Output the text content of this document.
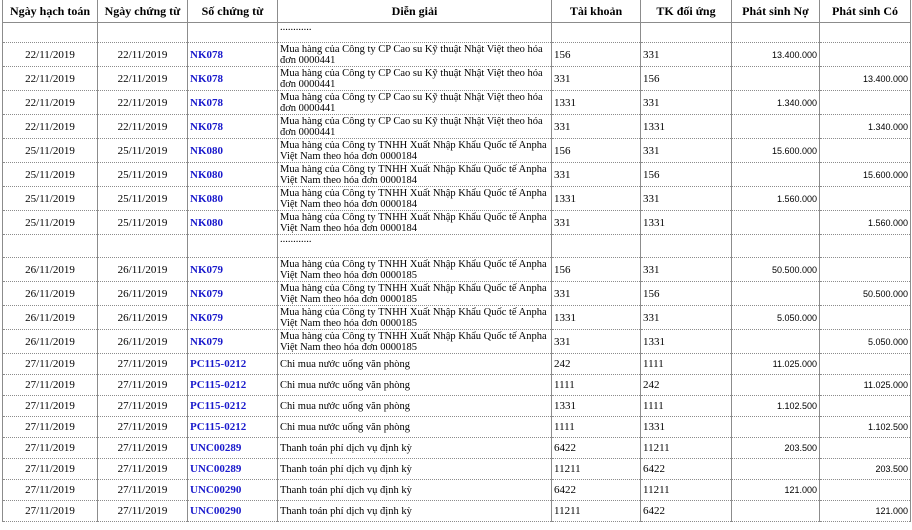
Ngày hạch toán	Ngày chứng từ	Số chứng từ	Diễn giải	Tài khoản	TK đối ứng	Phát sinh Nợ	Phát sinh Có
			............				
22/11/2019	22/11/2019	NK078	Mua hàng của Công ty CP Cao su Kỹ thuật Nhật Việt theo hóa đơn 0000441	156	331	13.400.000	
22/11/2019	22/11/2019	NK078	Mua hàng của Công ty CP Cao su Kỹ thuật Nhật Việt theo hóa đơn 0000441	331	156		13.400.000
22/11/2019	22/11/2019	NK078	Mua hàng của Công ty CP Cao su Kỹ thuật Nhật Việt theo hóa đơn 0000441	1331	331	1.340.000	
22/11/2019	22/11/2019	NK078	Mua hàng của Công ty CP Cao su Kỹ thuật Nhật Việt theo hóa đơn 0000441	331	1331		1.340.000
25/11/2019	25/11/2019	NK080	Mua hàng của Công ty TNHH Xuất Nhập Khẩu Quốc tế Anpha Việt Nam theo hóa đơn 0000184	156	331	15.600.000	
25/11/2019	25/11/2019	NK080	Mua hàng của Công ty TNHH Xuất Nhập Khẩu Quốc tế Anpha Việt Nam theo hóa đơn 0000184	331	156		15.600.000
25/11/2019	25/11/2019	NK080	Mua hàng của Công ty TNHH Xuất Nhập Khẩu Quốc tế Anpha Việt Nam theo hóa đơn 0000184	1331	331	1.560.000	
25/11/2019	25/11/2019	NK080	Mua hàng của Công ty TNHH Xuất Nhập Khẩu Quốc tế Anpha Việt Nam theo hóa đơn 0000184	331	1331		1.560.000
			............				
26/11/2019	26/11/2019	NK079	Mua hàng của Công ty TNHH Xuất Nhập Khẩu Quốc tế Anpha Việt Nam theo hóa đơn 0000185	156	331	50.500.000	
26/11/2019	26/11/2019	NK079	Mua hàng của Công ty TNHH Xuất Nhập Khẩu Quốc tế Anpha Việt Nam theo hóa đơn 0000185	331	156		50.500.000
26/11/2019	26/11/2019	NK079	Mua hàng của Công ty TNHH Xuất Nhập Khẩu Quốc tế Anpha Việt Nam theo hóa đơn 0000185	1331	331	5.050.000	
26/11/2019	26/11/2019	NK079	Mua hàng của Công ty TNHH Xuất Nhập Khẩu Quốc tế Anpha Việt Nam theo hóa đơn 0000185	331	1331		5.050.000
27/11/2019	27/11/2019	PC115-0212	Chi mua nước uống văn phòng	242	1111	11.025.000	
27/11/2019	27/11/2019	PC115-0212	Chi mua nước uống văn phòng	1111	242		11.025.000
27/11/2019	27/11/2019	PC115-0212	Chi mua nước uống văn phòng	1331	1111	1.102.500	
27/11/2019	27/11/2019	PC115-0212	Chi mua nước uống văn phòng	1111	1331		1.102.500
27/11/2019	27/11/2019	UNC00289	Thanh toán phí dịch vụ định kỳ	6422	11211	203.500	
27/11/2019	27/11/2019	UNC00289	Thanh toán phí dịch vụ định kỳ	11211	6422		203.500
27/11/2019	27/11/2019	UNC00290	Thanh toán phí dịch vụ định kỳ	6422	11211	121.000	
27/11/2019	27/11/2019	UNC00290	Thanh toán phí dịch vụ định kỳ	11211	6422		121.000
